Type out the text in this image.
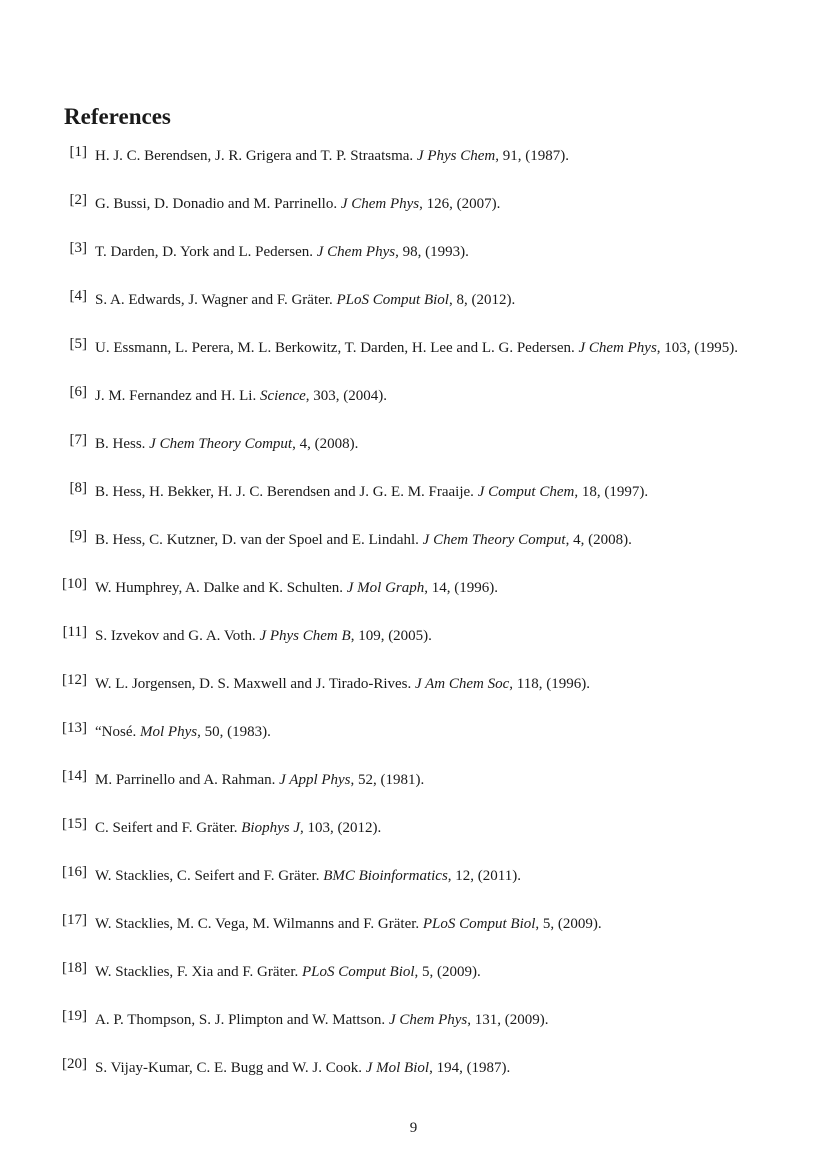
References
[1] H. J. C. Berendsen, J. R. Grigera and T. P. Straatsma. J Phys Chem, 91, (1987).
[2] G. Bussi, D. Donadio and M. Parrinello. J Chem Phys, 126, (2007).
[3] T. Darden, D. York and L. Pedersen. J Chem Phys, 98, (1993).
[4] S. A. Edwards, J. Wagner and F. Gräter. PLoS Comput Biol, 8, (2012).
[5] U. Essmann, L. Perera, M. L. Berkowitz, T. Darden, H. Lee and L. G. Pedersen. J Chem Phys, 103, (1995).
[6] J. M. Fernandez and H. Li. Science, 303, (2004).
[7] B. Hess. J Chem Theory Comput, 4, (2008).
[8] B. Hess, H. Bekker, H. J. C. Berendsen and J. G. E. M. Fraaije. J Comput Chem, 18, (1997).
[9] B. Hess, C. Kutzner, D. van der Spoel and E. Lindahl. J Chem Theory Comput, 4, (2008).
[10] W. Humphrey, A. Dalke and K. Schulten. J Mol Graph, 14, (1996).
[11] S. Izvekov and G. A. Voth. J Phys Chem B, 109, (2005).
[12] W. L. Jorgensen, D. S. Maxwell and J. Tirado-Rives. J Am Chem Soc, 118, (1996).
[13] “Nosé. Mol Phys, 50, (1983).
[14] M. Parrinello and A. Rahman. J Appl Phys, 52, (1981).
[15] C. Seifert and F. Gräter. Biophys J, 103, (2012).
[16] W. Stacklies, C. Seifert and F. Gräter. BMC Bioinformatics, 12, (2011).
[17] W. Stacklies, M. C. Vega, M. Wilmanns and F. Gräter. PLoS Comput Biol, 5, (2009).
[18] W. Stacklies, F. Xia and F. Gräter. PLoS Comput Biol, 5, (2009).
[19] A. P. Thompson, S. J. Plimpton and W. Mattson. J Chem Phys, 131, (2009).
[20] S. Vijay-Kumar, C. E. Bugg and W. J. Cook. J Mol Biol, 194, (1987).
9
